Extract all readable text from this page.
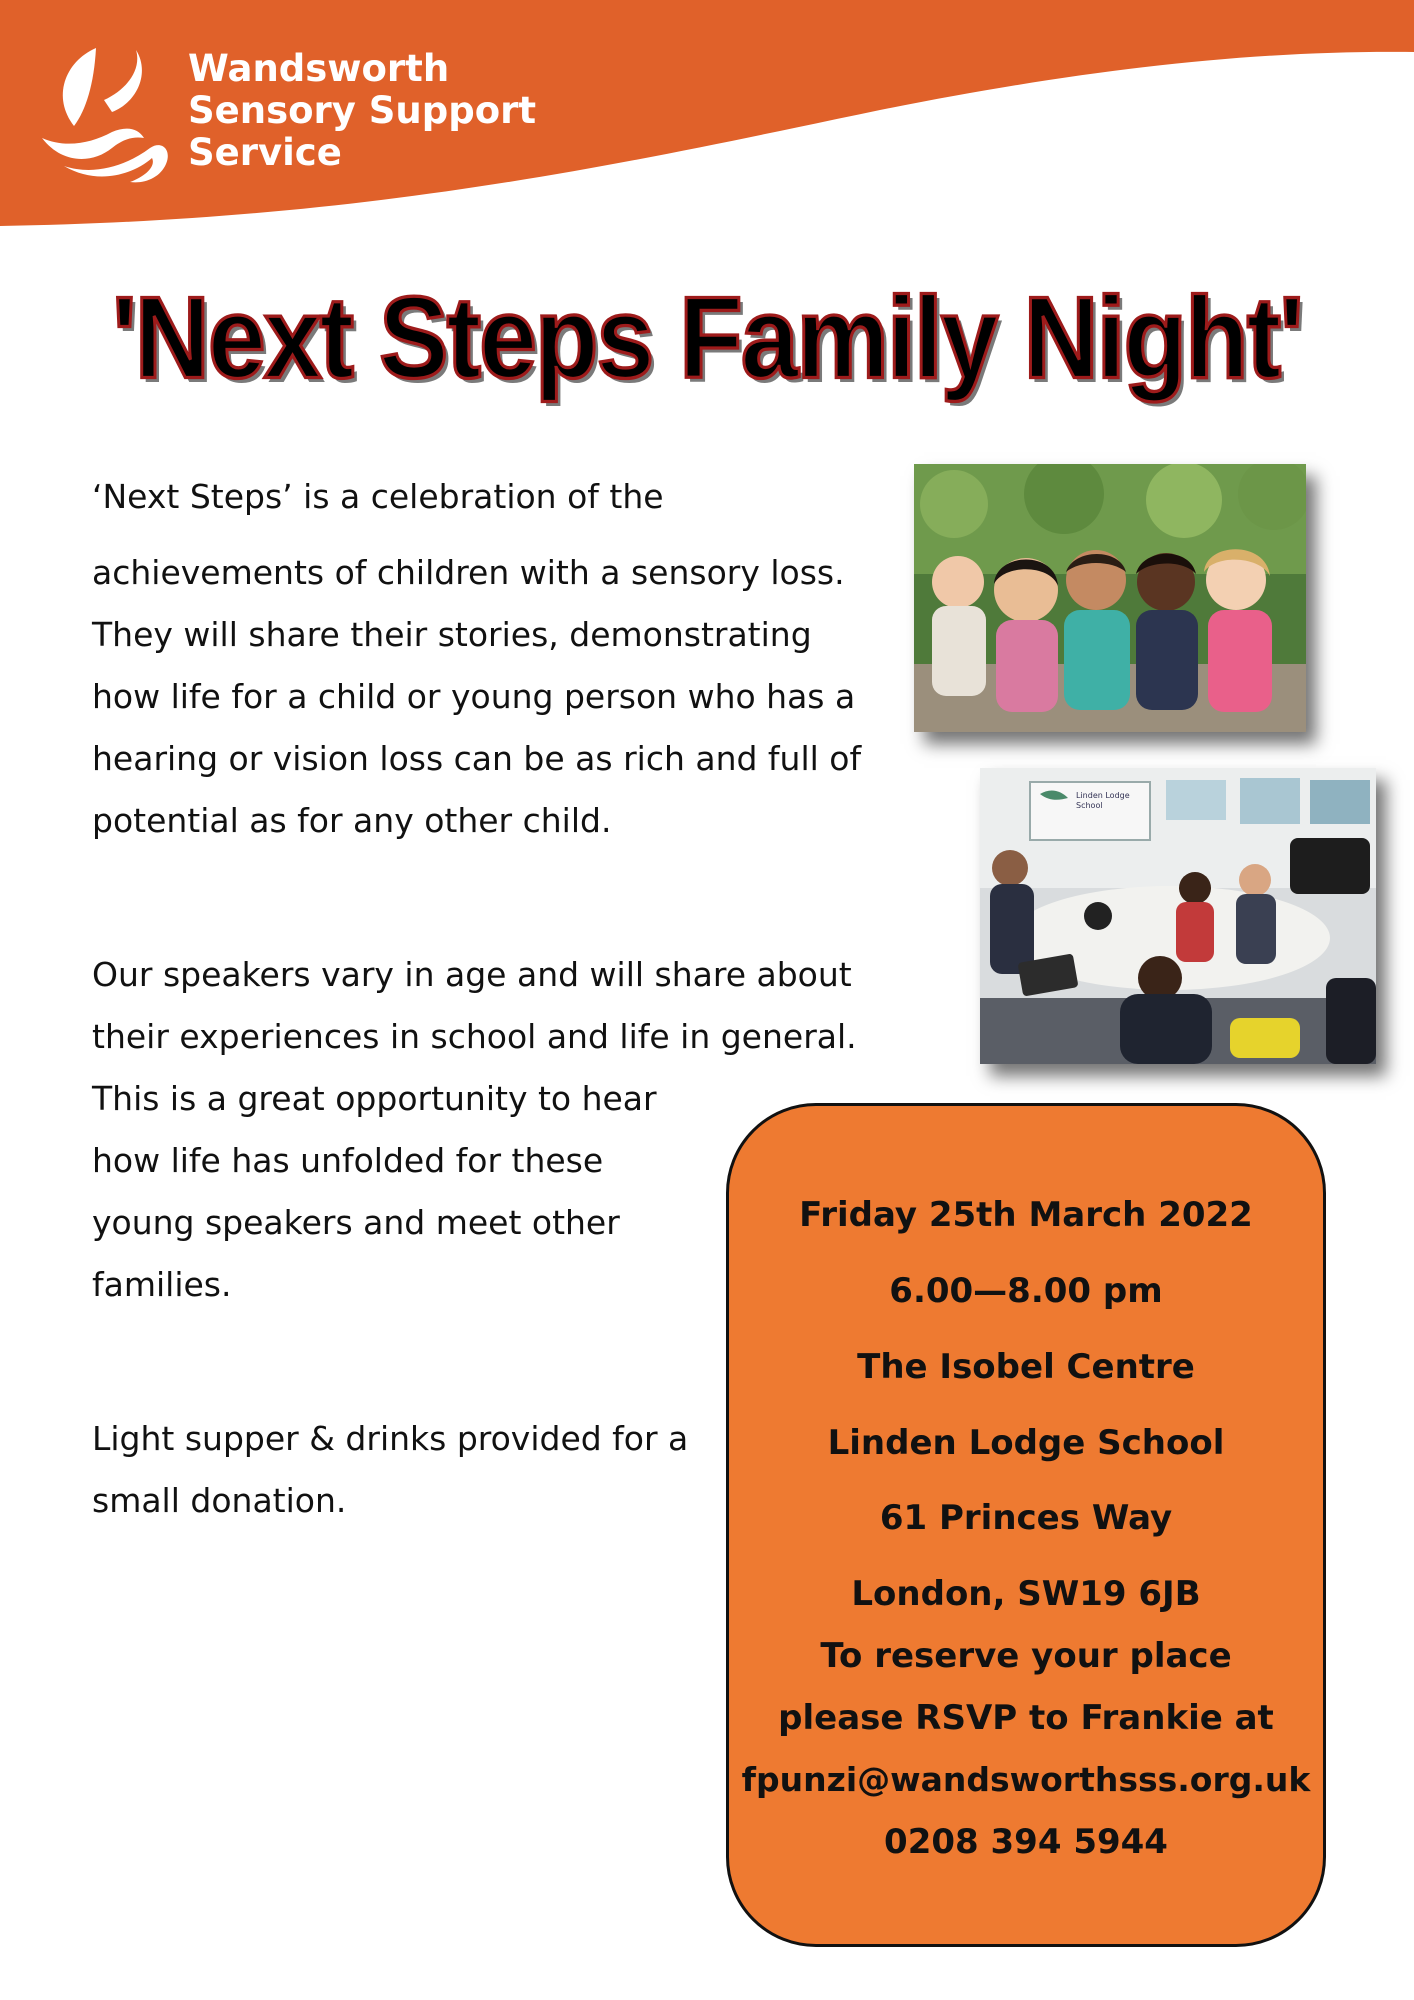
Wandsworth
Sensory Support
Service
'Next Steps Family Night'
‘Next Steps’ is a celebration of the
achievements of children with a sensory loss.
They will share their stories, demonstrating
how life for a child or young person who has a
hearing or vision loss can be as rich and full of
potential as for any other child.
Our speakers vary in age and will share about
their experiences in school and life in general.
This is a great opportunity to hear
how life has unfolded for these
young speakers and meet other
families.
Light supper & drinks provided for a
small donation.
Linden Lodge
School
Friday 25th March 2022
6.00—8.00 pm
The Isobel Centre
Linden Lodge School
61 Princes Way
London, SW19 6JB
To reserve your place
please RSVP to Frankie at
fpunzi@wandsworthsss.org.uk
0208 394 5944
